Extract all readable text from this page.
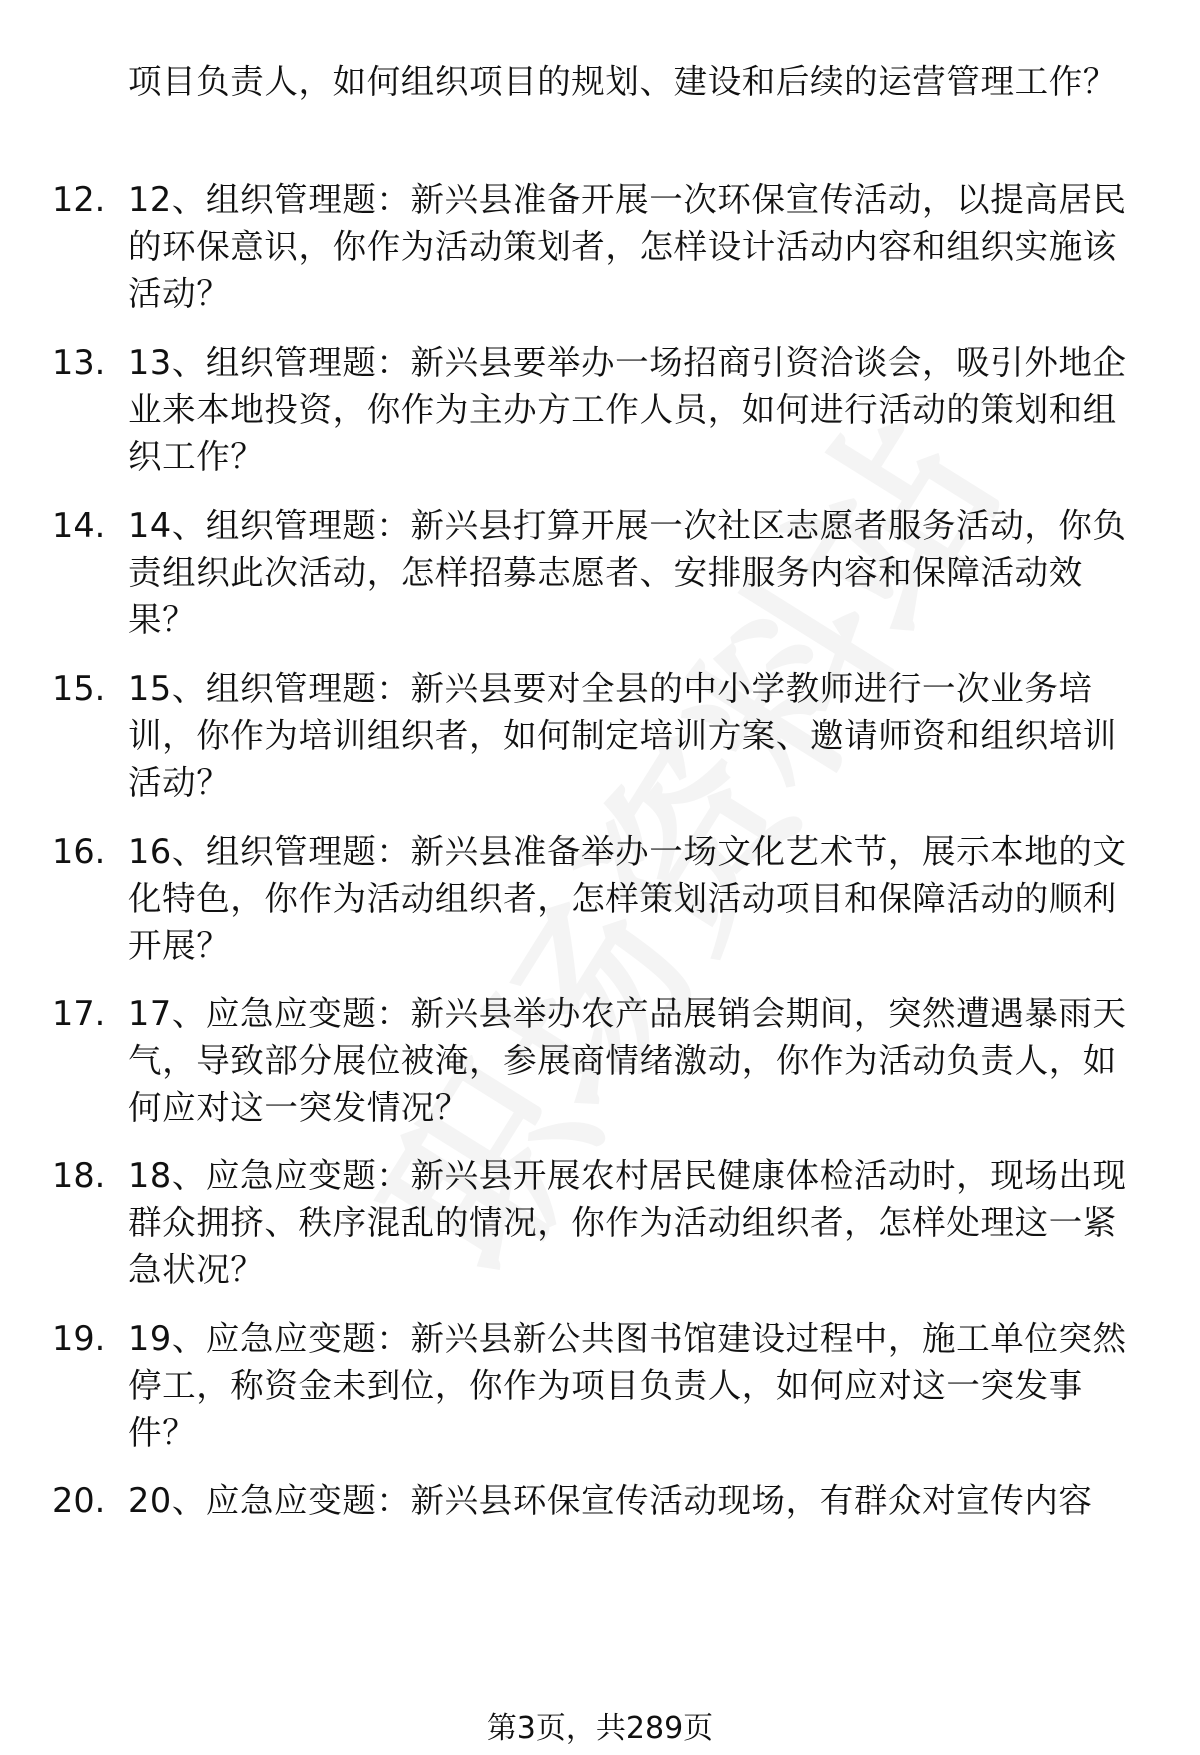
项目负责人，如何组织项目的规划、建设和后续的运营管理工作？
12. 12、组织管理题：新兴县准备开展一次环保宣传活动，以提高居民的环保意识，你作为活动策划者，怎样设计活动内容和组织实施该活动？
13. 13、组织管理题：新兴县要举办一场招商引资洽谈会，吸引外地企业来本地投资，你作为主办方工作人员，如何进行活动的策划和组织工作？
14. 14、组织管理题：新兴县打算开展一次社区志愿者服务活动，你负责组织此次活动，怎样招募志愿者、安排服务内容和保障活动效果？
15. 15、组织管理题：新兴县要对全县的中小学教师进行一次业务培训，你作为培训组织者，如何制定培训方案、邀请师资和组织培训活动？
16. 16、组织管理题：新兴县准备举办一场文化艺术节，展示本地的文化特色，你作为活动组织者，怎样策划活动项目和保障活动的顺利开展？
17. 17、应急应变题：新兴县举办农产品展销会期间，突然遭遇暴雨天气，导致部分展位被淹，参展商情绪激动，你作为活动负责人，如何应对这一突发情况？
18. 18、应急应变题：新兴县开展农村居民健康体检活动时，现场出现群众拥挤、秩序混乱的情况，你作为活动组织者，怎样处理这一紧急状况？
19. 19、应急应变题：新兴县新公共图书馆建设过程中，施工单位突然停工，称资金未到位，你作为项目负责人，如何应对这一突发事件？
20. 20、应急应变题：新兴县环保宣传活动现场，有群众对宣传内容
第3页，共289页
